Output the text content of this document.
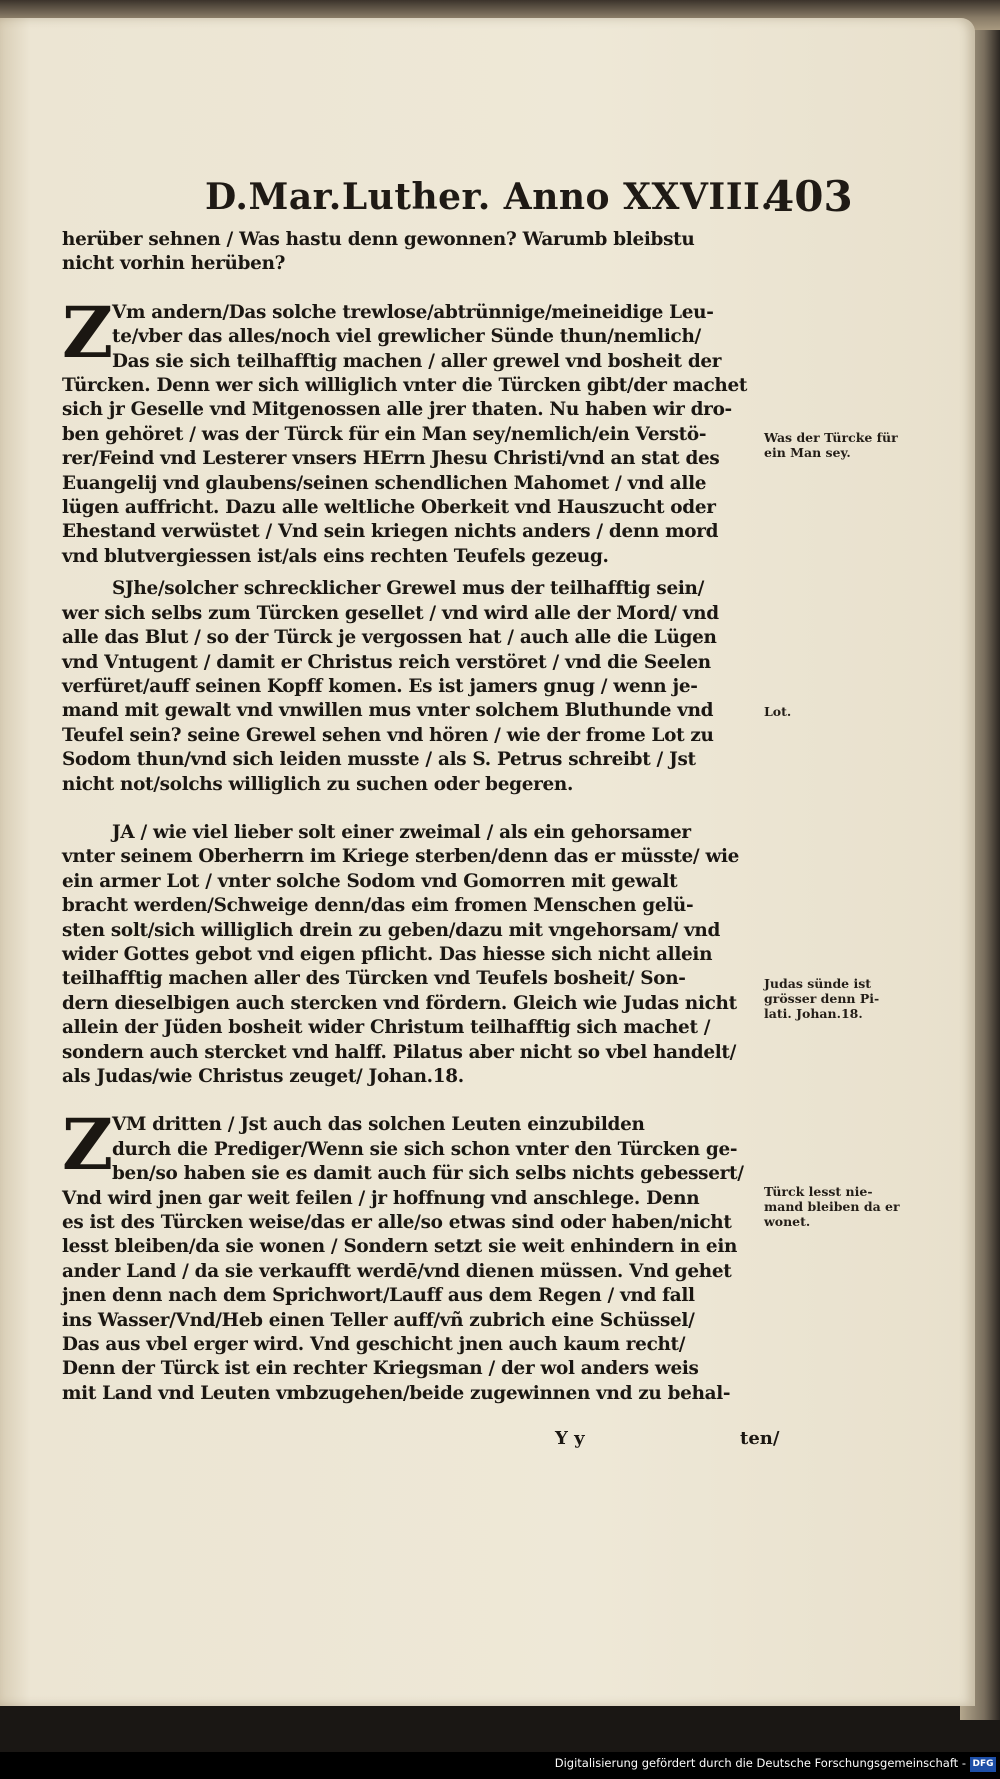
D.Mar.Luther. Anno XXVIII.
403
herüber sehnen / Was hastu denn gewonnen? Warumb bleibstu
nicht vorhin herüben?
Z
Vm andern/Das solche trewlose/abtrünnige/meineidige Leu-
te/vber das alles/noch viel grewlicher Sünde thun/nemlich/
Das sie sich teilhafftig machen / aller grewel vnd bosheit der
Türcken. Denn wer sich williglich vnter die Türcken gibt/der machet
sich jr Geselle vnd Mitgenossen alle jrer thaten. Nu haben wir dro-
ben gehöret / was der Türck für ein Man sey/nemlich/ein Verstö-
rer/Feind vnd Lesterer vnsers HErrn Jhesu Christi/vnd an stat des
Euangelij vnd glaubens/seinen schendlichen Mahomet / vnd alle
lügen auffricht. Dazu alle weltliche Oberkeit vnd Hauszucht oder
Ehestand verwüstet / Vnd sein kriegen nichts anders / denn mord
vnd blutvergiessen ist/als eins rechten Teufels gezeug.
SJhe/solcher schrecklicher Grewel mus der teilhafftig sein/
wer sich selbs zum Türcken gesellet / vnd wird alle der Mord/ vnd
alle das Blut / so der Türck je vergossen hat / auch alle die Lügen
vnd Vntugent / damit er Christus reich verstöret / vnd die Seelen
verfüret/auff seinen Kopff komen. Es ist jamers gnug / wenn je-
mand mit gewalt vnd vnwillen mus vnter solchem Bluthunde vnd
Teufel sein? seine Grewel sehen vnd hören / wie der frome Lot zu
Sodom thun/vnd sich leiden musste / als S. Petrus schreibt / Jst
nicht not/solchs williglich zu suchen oder begeren.
JA / wie viel lieber solt einer zweimal / als ein gehorsamer
vnter seinem Oberherrn im Kriege sterben/denn das er müsste/ wie
ein armer Lot / vnter solche Sodom vnd Gomorren mit gewalt
bracht werden/Schweige denn/das eim fromen Menschen gelü-
sten solt/sich williglich drein zu geben/dazu mit vngehorsam/ vnd
wider Gottes gebot vnd eigen pflicht. Das hiesse sich nicht allein
teilhafftig machen aller des Türcken vnd Teufels bosheit/ Son-
dern dieselbigen auch stercken vnd fördern. Gleich wie Judas nicht
allein der Jüden bosheit wider Christum teilhafftig sich machet /
sondern auch stercket vnd halff. Pilatus aber nicht so vbel handelt/
als Judas/wie Christus zeuget/ Johan.18.
Z
VM dritten / Jst auch das solchen Leuten einzubilden
durch die Prediger/Wenn sie sich schon vnter den Türcken ge-
ben/so haben sie es damit auch für sich selbs nichts gebessert/
Vnd wird jnen gar weit feilen / jr hoffnung vnd anschlege. Denn
es ist des Türcken weise/das er alle/so etwas sind oder haben/nicht
lesst bleiben/da sie wonen / Sondern setzt sie weit enhindern in ein
ander Land / da sie verkaufft werdē/vnd dienen müssen. Vnd gehet
jnen denn nach dem Sprichwort/Lauff aus dem Regen / vnd fall
ins Wasser/Vnd/Heb einen Teller auff/vñ zubrich eine Schüssel/
Das aus vbel erger wird. Vnd geschicht jnen auch kaum recht/
Denn der Türck ist ein rechter Kriegsman / der wol anders weis
mit Land vnd Leuten vmbzugehen/beide zugewinnen vnd zu behal-
Was der Türcke für ein Man sey.
Lot.
Judas sünde ist grösser denn Pi- lati. Johan.18.
Türck lesst nie- mand bleiben da er wonet.
Y y	ten/
Digitalisierung gefördert durch die Deutsche Forschungsgemeinschaft - DFG
